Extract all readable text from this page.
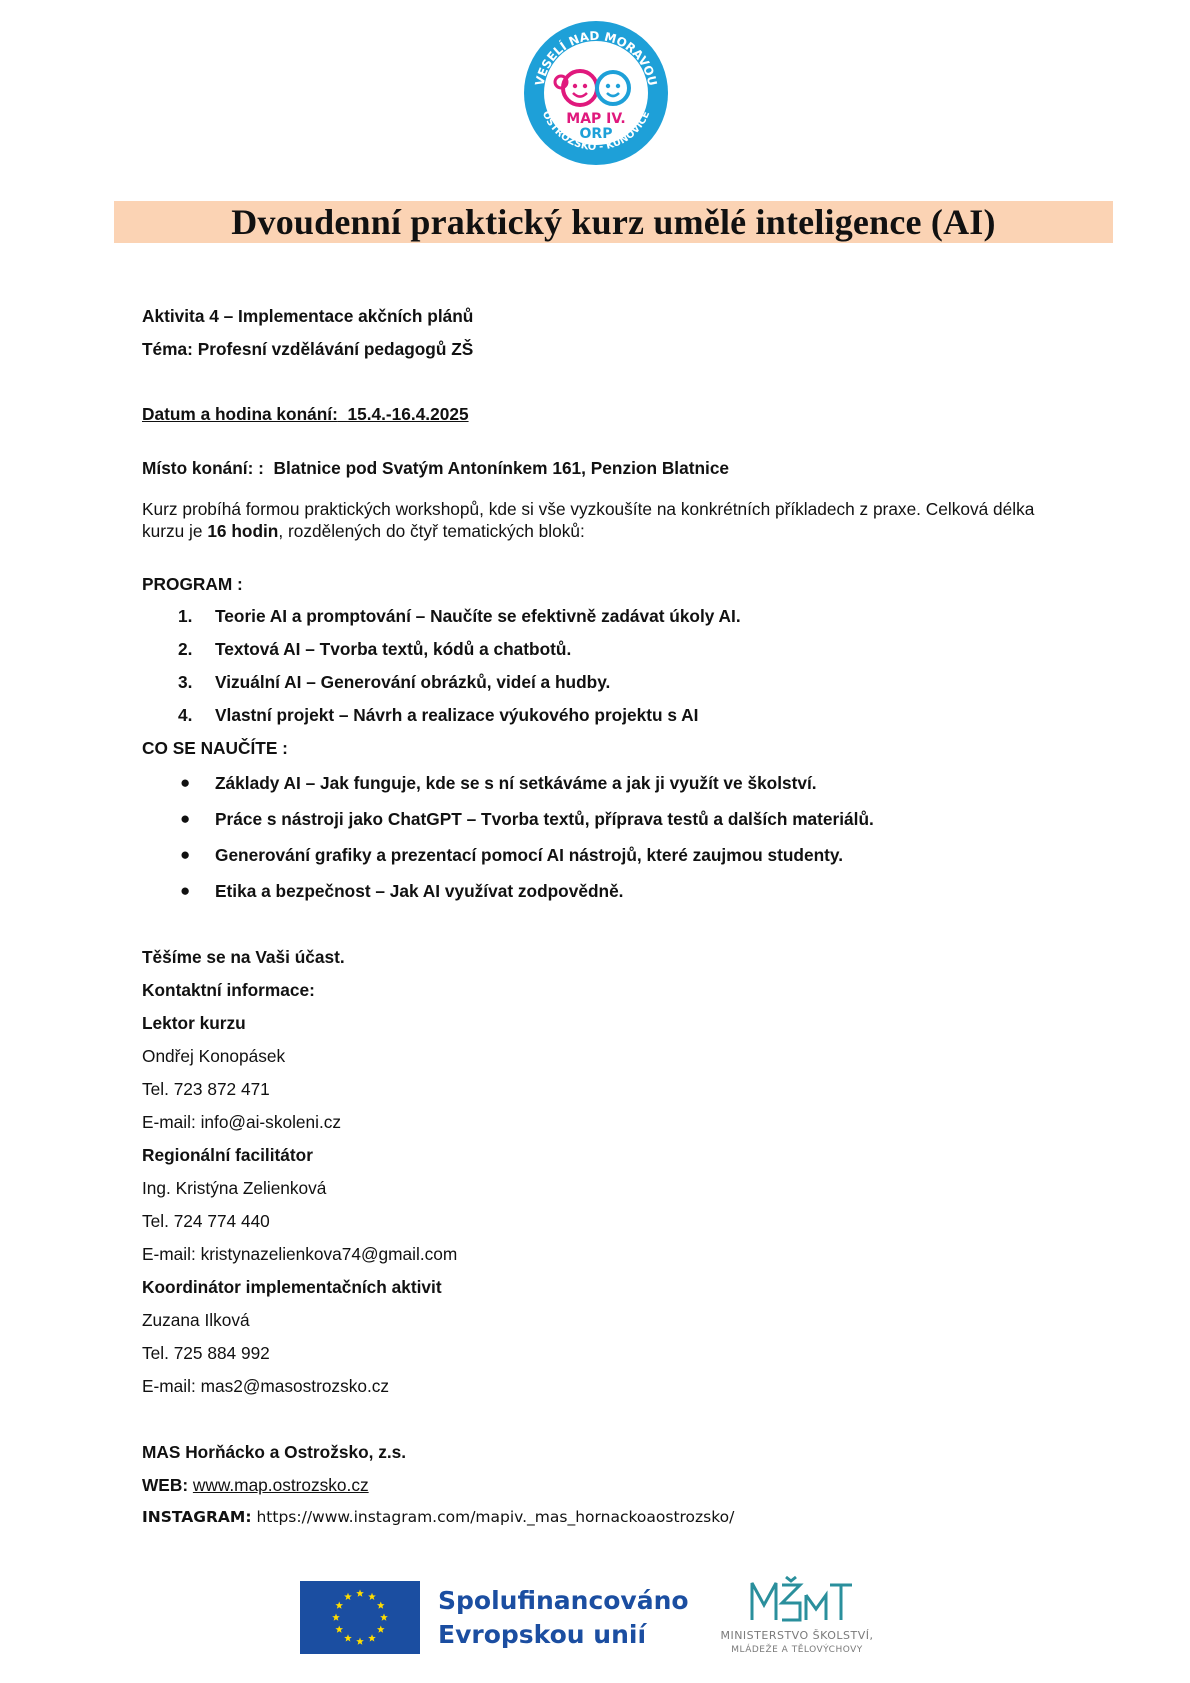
VESELÍ NAD MORAVOU
OSTROŽSKO - KUNOVICE
MAP IV.
ORP
Dvoudenní praktický kurz umělé inteligence (AI)
Aktivita 4 – Implementace akčních plánů
Téma: Profesní vzdělávání pedagogů ZŠ
Datum a hodina konání: 15.4.-16.4.2025
Místo konání: : Blatnice pod Svatým Antonínkem 161, Penzion Blatnice
Kurz probíhá formou praktických workshopů, kde si vše vyzkoušíte na konkrétních příkladech z praxe. Celková délka kurzu je 16 hodin, rozdělených do čtyř tematických bloků:
PROGRAM :
1. Teorie AI a promptování – Naučíte se efektivně zadávat úkoly AI.
2. Textová AI – Tvorba textů, kódů a chatbotů.
3. Vizuální AI – Generování obrázků, videí a hudby.
4. Vlastní projekt – Návrh a realizace výukového projektu s AI
CO SE NAUČÍTE :
● Základy AI – Jak funguje, kde se s ní setkáváme a jak ji využít ve školství.
● Práce s nástroji jako ChatGPT – Tvorba textů, příprava testů a dalších materiálů.
● Generování grafiky a prezentací pomocí AI nástrojů, které zaujmou studenty.
● Etika a bezpečnost – Jak AI využívat zodpovědně.
Těšíme se na Vaši účast.
Kontaktní informace:
Lektor kurzu
Ondřej Konopásek
Tel. 723 872 471
E-mail: info@ai-skoleni.cz
Regionální facilitátor
Ing. Kristýna Zelienková
Tel. 724 774 440
E-mail: kristynazelienkova74@gmail.com
Koordinátor implementačních aktivit
Zuzana Ilková
Tel. 725 884 992
E-mail: mas2@masostrozsko.cz
MAS Horňácko a Ostrožsko, z.s.
WEB: www.map.ostrozsko.cz
INSTAGRAM: https://www.instagram.com/mapiv._mas_hornackoaostrozsko/
Spolufinancováno
Evropskou unií	MINISTERSTVO ŠKOLSTVÍ,
MLÁDEŽE A TĚLOVÝCHOVY
